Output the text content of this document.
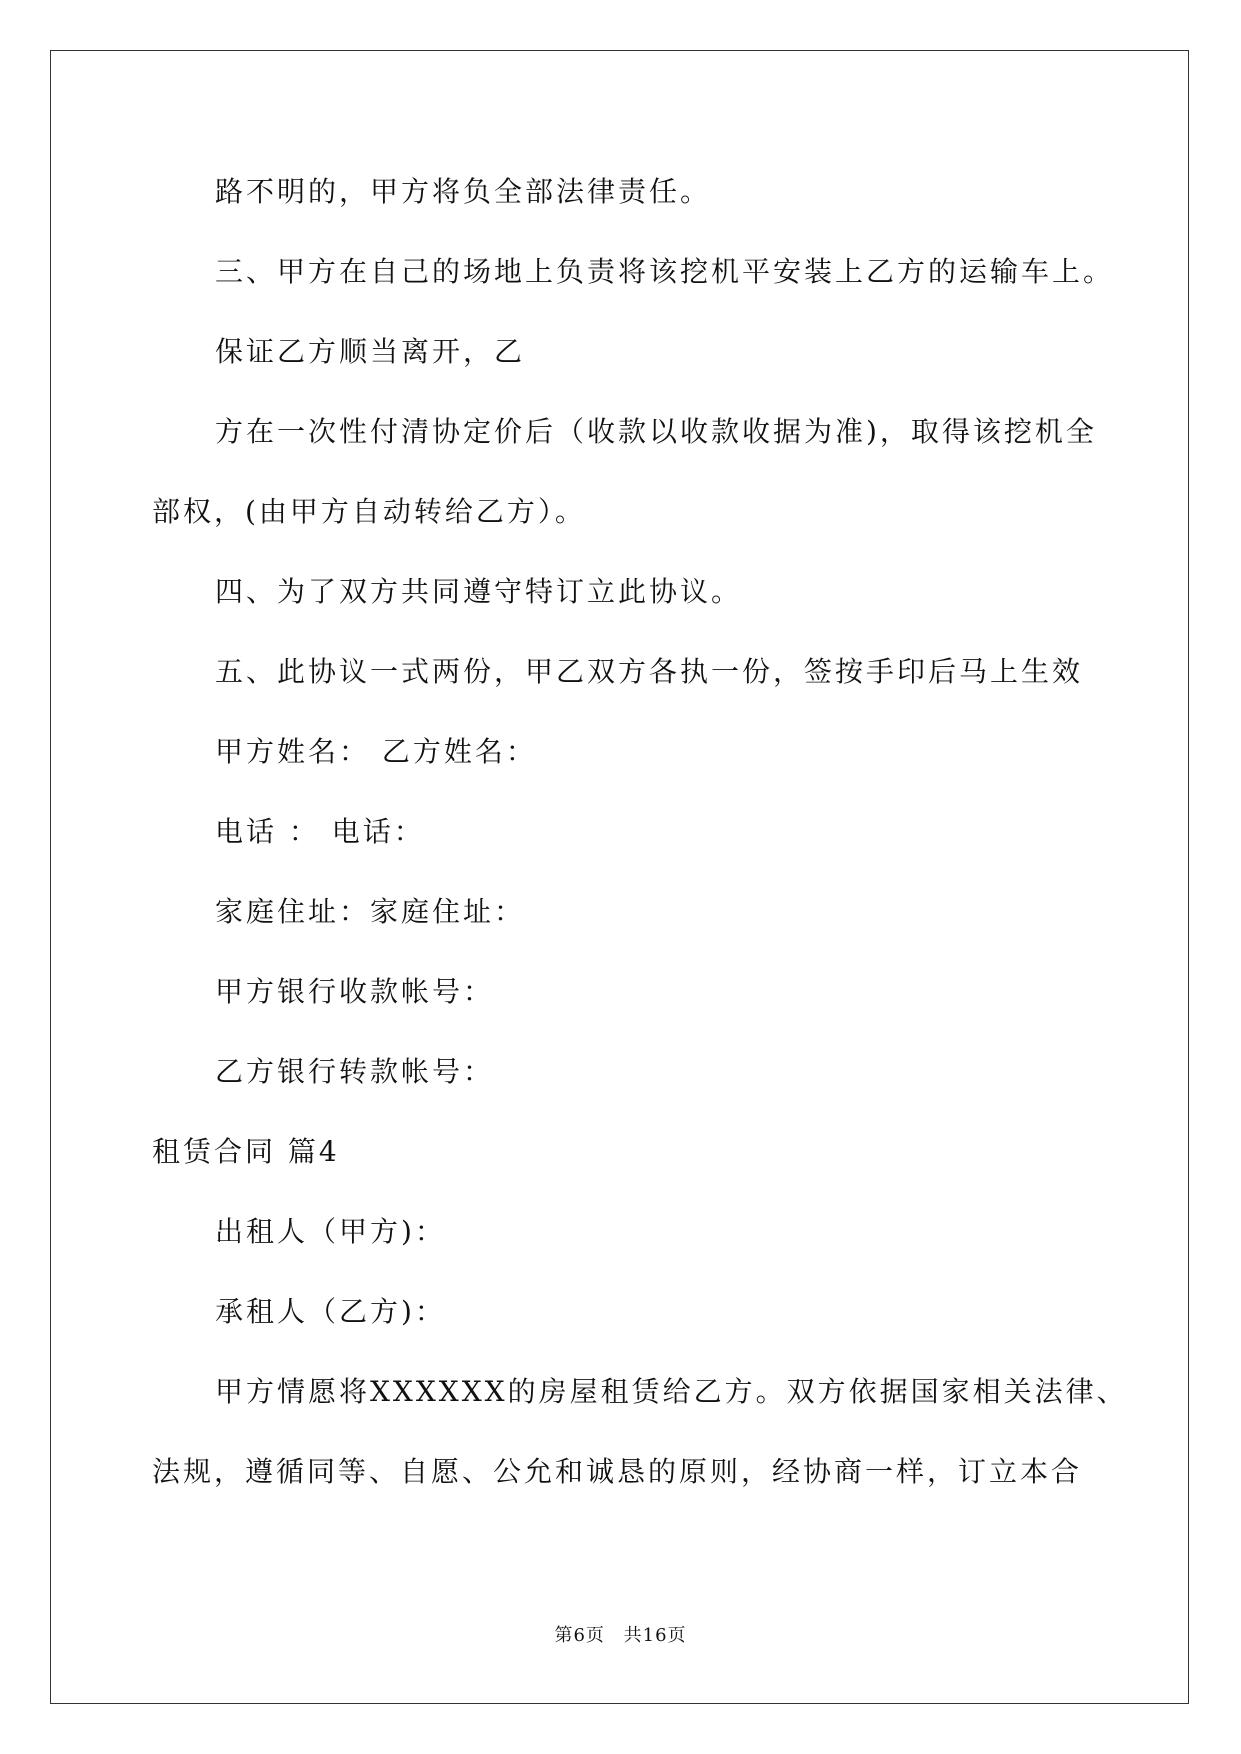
路不明的，甲方将负全部法律责任。
三、甲方在自己的场地上负责将该挖机平安装上乙方的运输车上。
保证乙方顺当离开，乙
方在一次性付清协定价后（收款以收款收据为准)，取得该挖机全
部权，(由甲方自动转给乙方）。
四、为了双方共同遵守特订立此协议。
五、此协议一式两份，甲乙双方各执一份，签按手印后马上生效
甲方姓名： 乙方姓名：
电话 ： 电话：
家庭住址：家庭住址：
甲方银行收款帐号：
乙方银行转款帐号：
租赁合同 篇4
出租人（甲方)：
承租人（乙方)：
甲方情愿将XXXXXX的房屋租赁给乙方。双方依据国家相关法律、
法规，遵循同等、自愿、公允和诚恳的原则，经协商一样，订立本合
第6页 共16页
